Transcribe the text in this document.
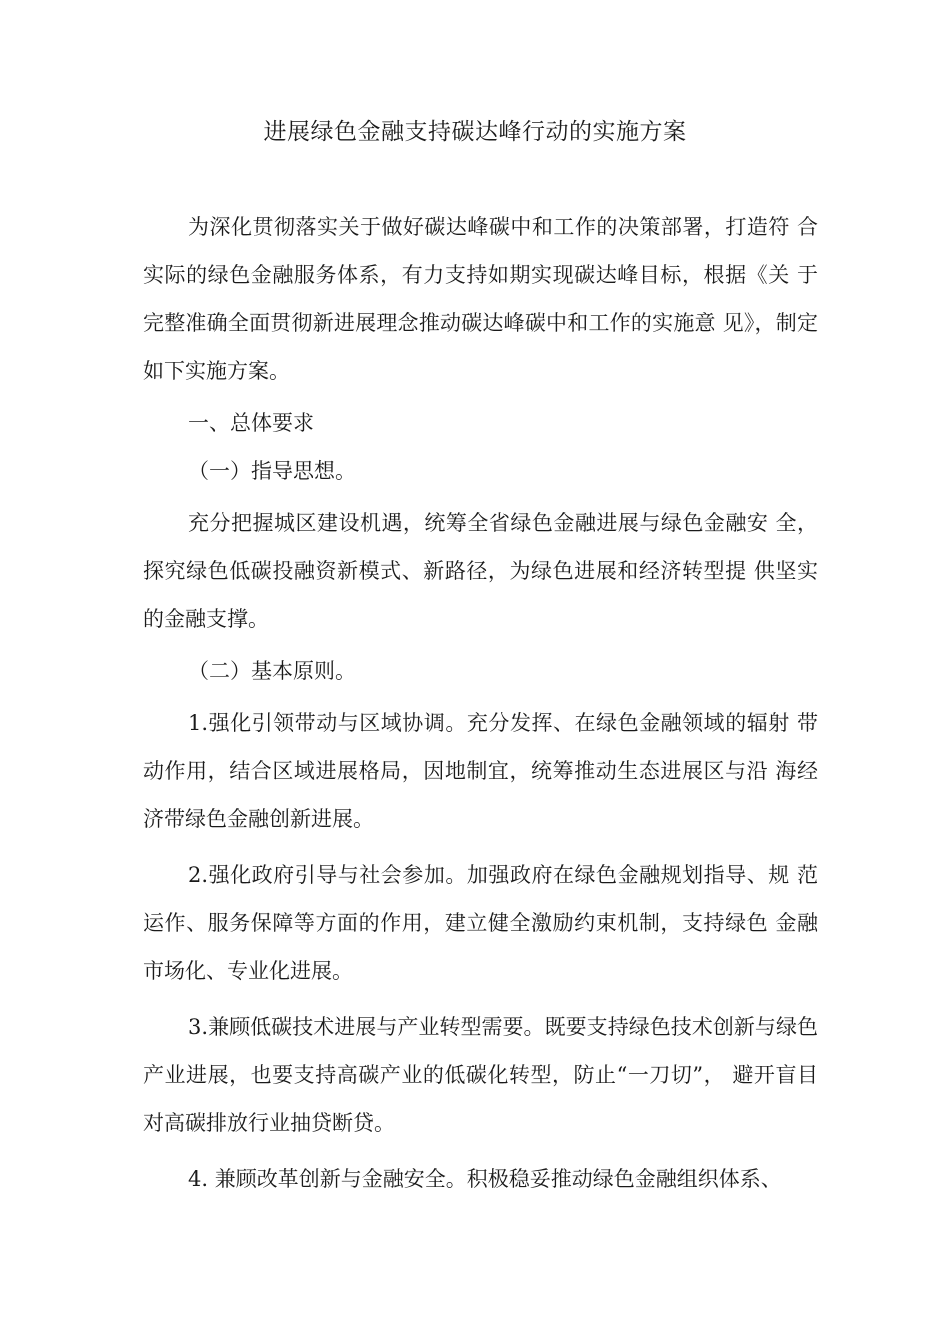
进展绿色金融支持碳达峰行动的实施方案

为深化贯彻落实关于做好碳达峰碳中和工作的决策部署，打造符 合实际的绿色金融服务体系，有力支持如期实现碳达峰目标，根据《关 于完整准确全面贯彻新进展理念推动碳达峰碳中和工作的实施意 见》，制定如下实施方案。

一、总体要求

（一）指导思想。

充分把握城区建设机遇，统筹全省绿色金融进展与绿色金融安 全，探究绿色低碳投融资新模式、新路径，为绿色进展和经济转型提 供坚实的金融支撑。

（二）基本原则。

1.强化引领带动与区域协调。充分发挥、在绿色金融领域的辐射 带动作用，结合区域进展格局，因地制宜，统筹推动生态进展区与沿 海经济带绿色金融创新进展。

2.强化政府引导与社会参加。加强政府在绿色金融规划指导、规 范运作、服务保障等方面的作用，建立健全激励约束机制，支持绿色 金融市场化、专业化进展。

3.兼顾低碳技术进展与产业转型需要。既要支持绿色技术创新与绿色产业进展，也要支持高碳产业的低碳化转型，防止“一刀切”， 避开盲目对高碳排放行业抽贷断贷。

4. 兼顾改革创新与金融安全。积极稳妥推动绿色金融组织体系、
